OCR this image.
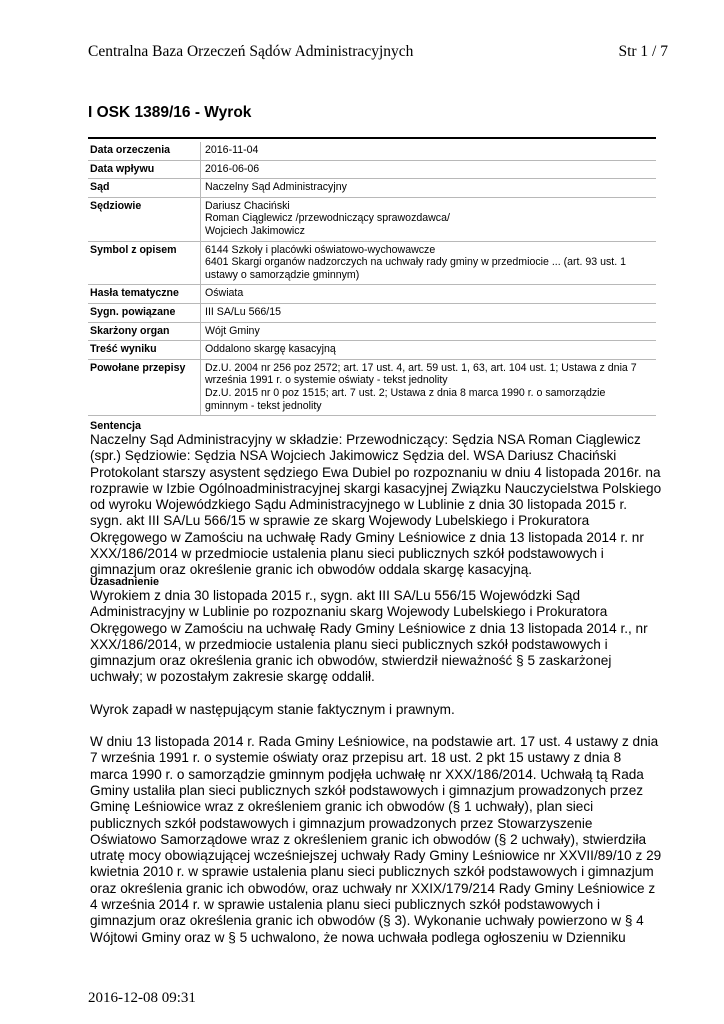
Centralna Baza Orzeczeń Sądów Administracyjnych	Str 1 / 7
I OSK 1389/16 - Wyrok
Data orzeczenia	2016-11-04

Data wpływu	2016-06-06

Sąd	Naczelny Sąd Administracyjny

Sędziowie	Dariusz Chaciński
Roman Ciąglewicz /przewodniczący sprawozdawca/
Wojciech Jakimowicz

Symbol z opisem	6144 Szkoły i placówki oświatowo-wychowawcze
6401 Skargi organów nadzorczych na uchwały rady gminy w przedmiocie ... (art. 93 ust. 1
ustawy o samorządzie gminnym)

Hasła tematyczne	Oświata

Sygn. powiązane	III SA/Lu 566/15

Skarżony organ	Wójt Gminy

Treść wyniku	Oddalono skargę kasacyjną

Powołane przepisy	Dz.U. 2004 nr 256 poz 2572; art. 17 ust. 4, art. 59 ust. 1, 63, art. 104 ust. 1; Ustawa z dnia 7
września 1991 r. o systemie oświaty - tekst jednolity
Dz.U. 2015 nr 0 poz 1515; art. 7 ust. 2; Ustawa z dnia 8 marca 1990 r. o samorządzie
gminnym - tekst jednolity
Sentencja
Naczelny Sąd Administracyjny w składzie: Przewodniczący: Sędzia NSA Roman Ciąglewicz
(spr.) Sędziowie: Sędzia NSA Wojciech Jakimowicz Sędzia del. WSA Dariusz Chaciński
Protokolant starszy asystent sędziego Ewa Dubiel po rozpoznaniu w dniu 4 listopada 2016r. na
rozprawie w Izbie Ogólnoadministracyjnej skargi kasacyjnej Związku Nauczycielstwa Polskiego
od wyroku Wojewódzkiego Sądu Administracyjnego w Lublinie z dnia 30 listopada 2015 r.
sygn. akt III SA/Lu 566/15 w sprawie ze skarg Wojewody Lubelskiego i Prokuratora
Okręgowego w Zamościu na uchwałę Rady Gminy Leśniowice z dnia 13 listopada 2014 r. nr
XXX/186/2014 w przedmiocie ustalenia planu sieci publicznych szkół podstawowych i
gimnazjum oraz określenie granic ich obwodów oddala skargę kasacyjną.
Uzasadnienie
Wyrokiem z dnia 30 listopada 2015 r., sygn. akt III SA/Lu 556/15 Wojewódzki Sąd
Administracyjny w Lublinie po rozpoznaniu skarg Wojewody Lubelskiego i Prokuratora
Okręgowego w Zamościu na uchwałę Rady Gminy Leśniowice z dnia 13 listopada 2014 r., nr
XXX/186/2014, w przedmiocie ustalenia planu sieci publicznych szkół podstawowych i
gimnazjum oraz określenia granic ich obwodów, stwierdził nieważność § 5 zaskarżonej
uchwały; w pozostałym zakresie skargę oddalił.
Wyrok zapadł w następującym stanie faktycznym i prawnym.
W dniu 13 listopada 2014 r. Rada Gminy Leśniowice, na podstawie art. 17 ust. 4 ustawy z dnia
7 września 1991 r. o systemie oświaty oraz przepisu art. 18 ust. 2 pkt 15 ustawy z dnia 8
marca 1990 r. o samorządzie gminnym podjęła uchwałę nr XXX/186/2014. Uchwałą tą Rada
Gminy ustaliła plan sieci publicznych szkół podstawowych i gimnazjum prowadzonych przez
Gminę Leśniowice wraz z określeniem granic ich obwodów (§ 1 uchwały), plan sieci
publicznych szkół podstawowych i gimnazjum prowadzonych przez Stowarzyszenie
Oświatowo Samorządowe wraz z określeniem granic ich obwodów (§ 2 uchwały), stwierdziła
utratę mocy obowiązującej wcześniejszej uchwały Rady Gminy Leśniowice nr XXVII/89/10 z 29
kwietnia 2010 r. w sprawie ustalenia planu sieci publicznych szkół podstawowych i gimnazjum
oraz określenia granic ich obwodów, oraz uchwały nr XXIX/179/214 Rady Gminy Leśniowice z
4 września 2014 r. w sprawie ustalenia planu sieci publicznych szkół podstawowych i
gimnazjum oraz określenia granic ich obwodów (§ 3). Wykonanie uchwały powierzono w § 4
Wójtowi Gminy oraz w § 5 uchwalono, że nowa uchwała podlega ogłoszeniu w Dzienniku
2016-12-08 09:31
